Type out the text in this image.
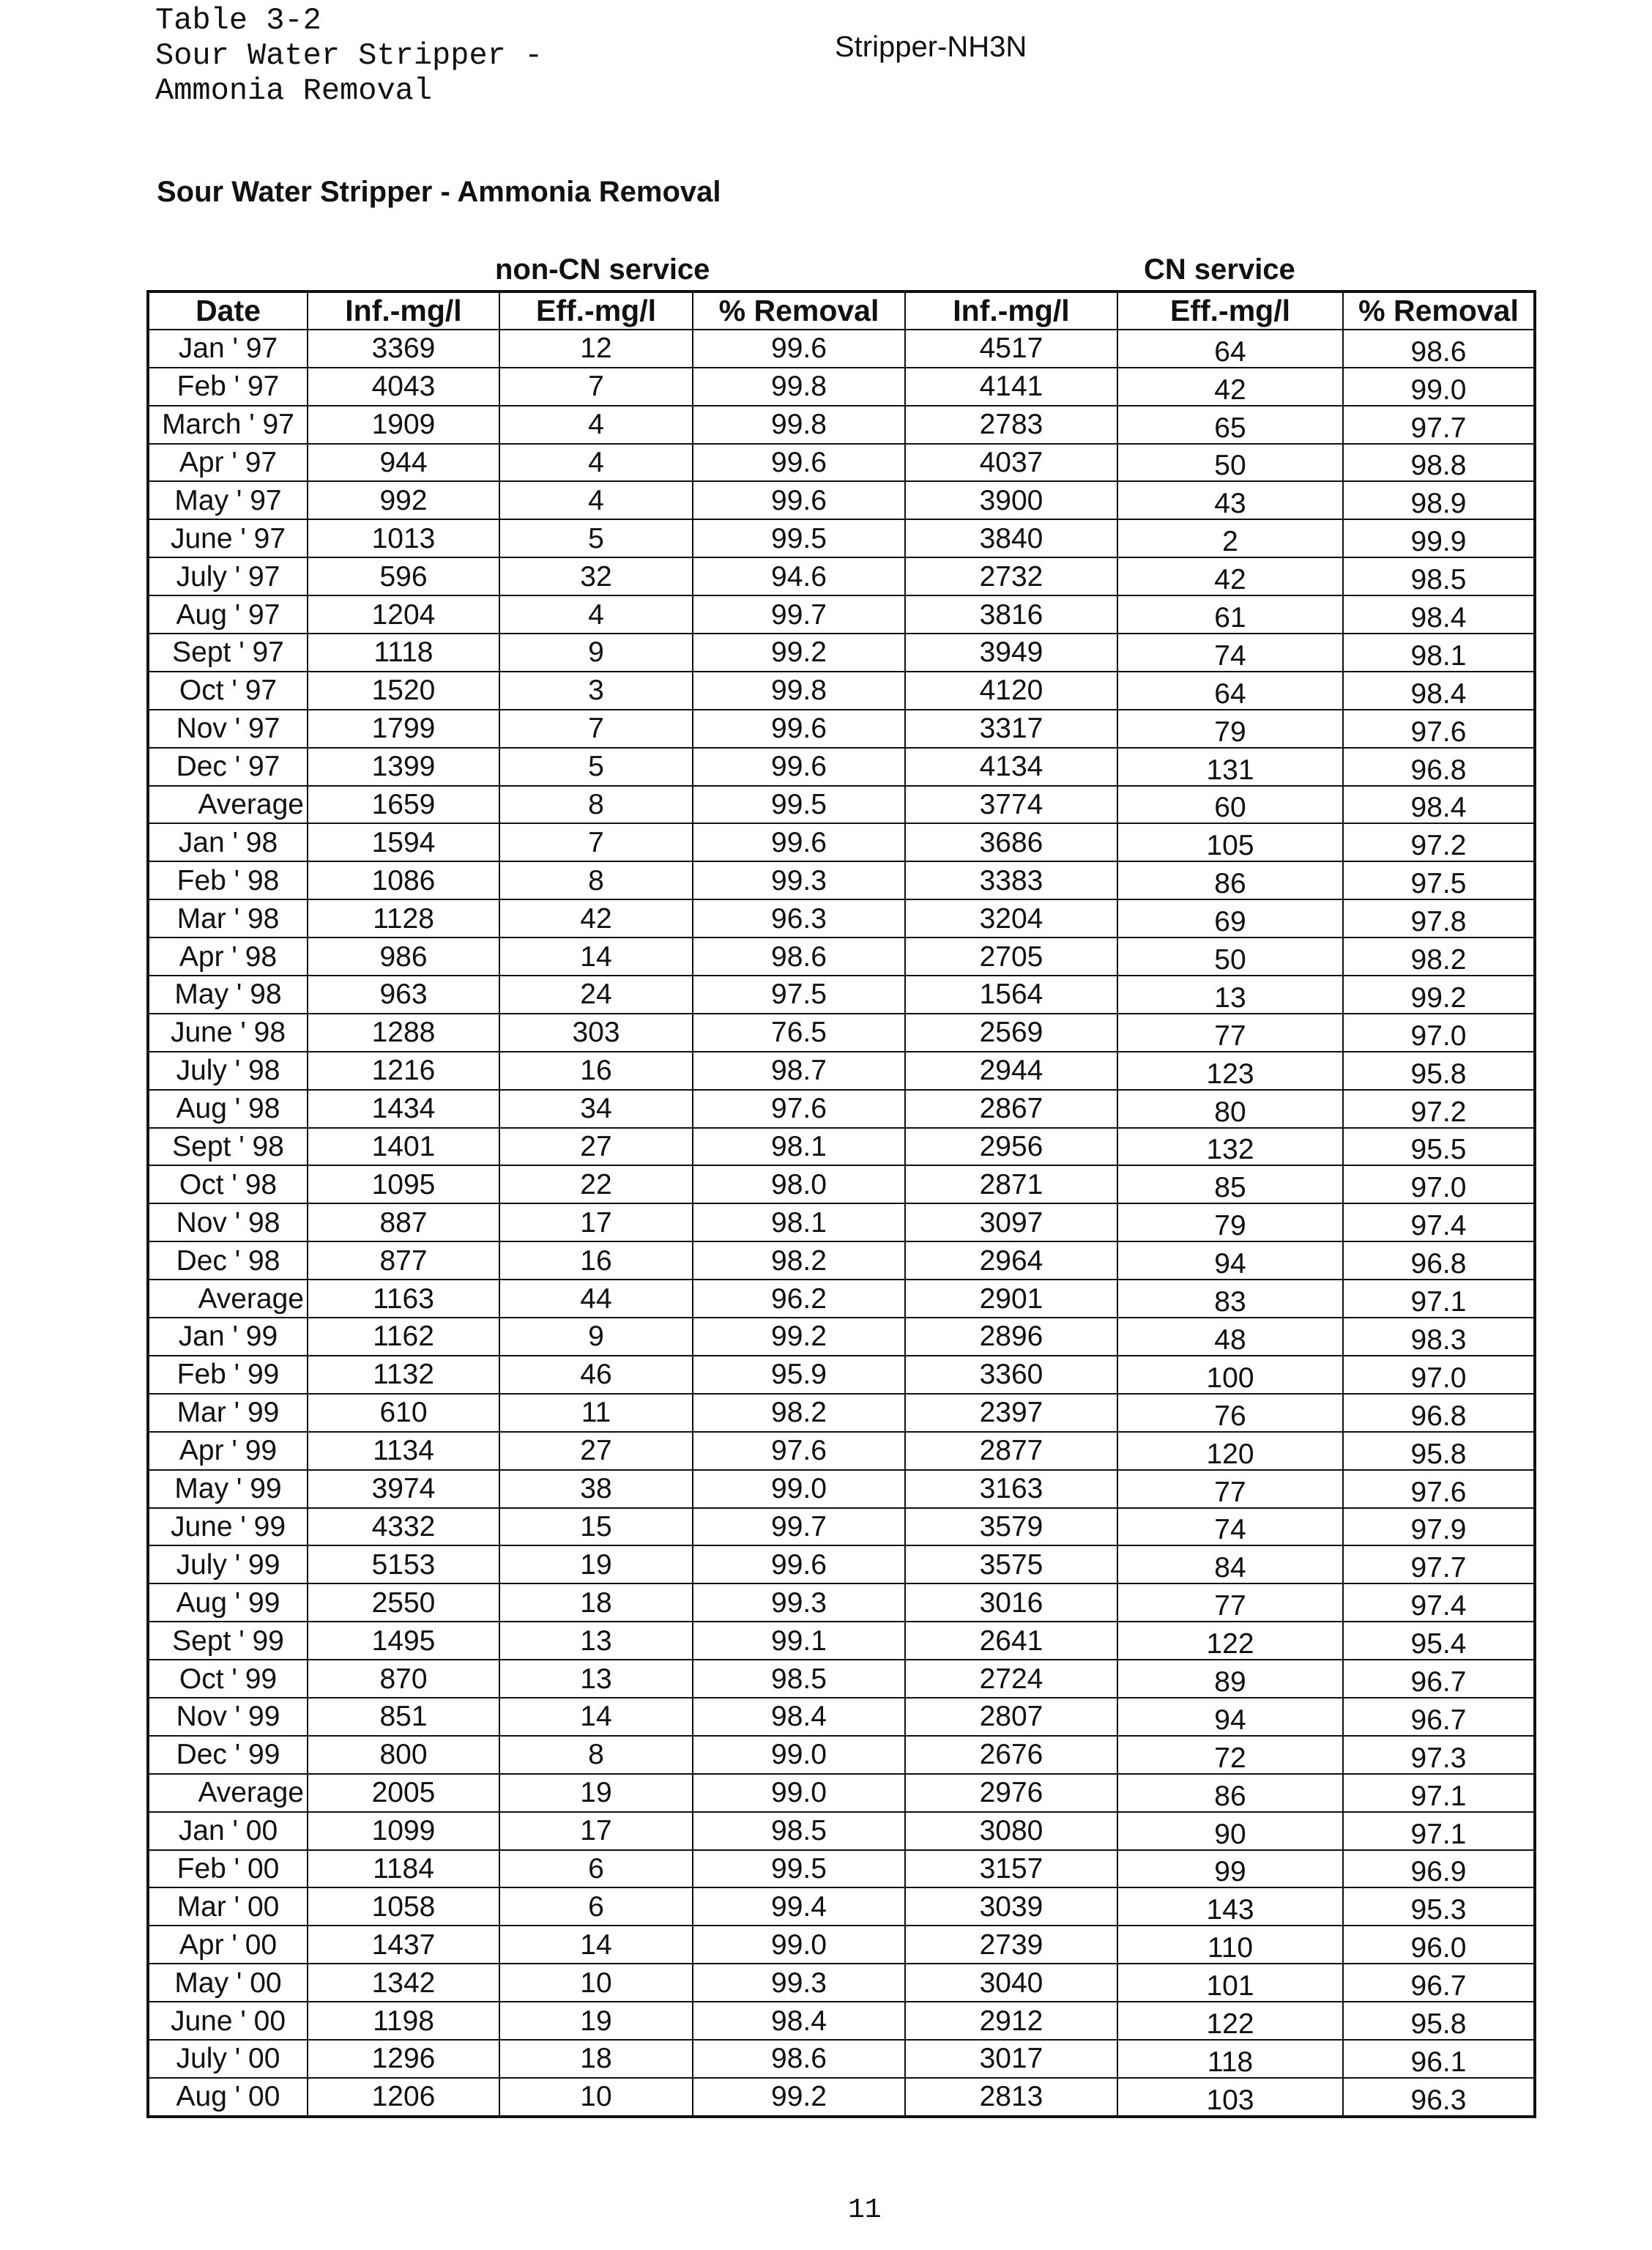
Table 3-2
Sour Water Stripper -
Ammonia Removal
Stripper-NH3N
Sour Water Stripper - Ammonia Removal
non-CN service	CN service
Date	Inf.-mg/l	Eff.-mg/l	% Removal	Inf.-mg/l	Eff.-mg/l	% Removal
Jan ' 97	3369	12	99.6	4517	64	98.6
Feb ' 97	4043	7	99.8	4141	42	99.0
March ' 97	1909	4	99.8	2783	65	97.7
Apr ' 97	944	4	99.6	4037	50	98.8
May ' 97	992	4	99.6	3900	43	98.9
June ' 97	1013	5	99.5	3840	2	99.9
July ' 97	596	32	94.6	2732	42	98.5
Aug ' 97	1204	4	99.7	3816	61	98.4
Sept ' 97	1118	9	99.2	3949	74	98.1
Oct ' 97	1520	3	99.8	4120	64	98.4
Nov ' 97	1799	7	99.6	3317	79	97.6
Dec ' 97	1399	5	99.6	4134	131	96.8
Average	1659	8	99.5	3774	60	98.4
Jan ' 98	1594	7	99.6	3686	105	97.2
Feb ' 98	1086	8	99.3	3383	86	97.5
Mar ' 98	1128	42	96.3	3204	69	97.8
Apr ' 98	986	14	98.6	2705	50	98.2
May ' 98	963	24	97.5	1564	13	99.2
June ' 98	1288	303	76.5	2569	77	97.0
July ' 98	1216	16	98.7	2944	123	95.8
Aug ' 98	1434	34	97.6	2867	80	97.2
Sept ' 98	1401	27	98.1	2956	132	95.5
Oct ' 98	1095	22	98.0	2871	85	97.0
Nov ' 98	887	17	98.1	3097	79	97.4
Dec ' 98	877	16	98.2	2964	94	96.8
Average	1163	44	96.2	2901	83	97.1
Jan ' 99	1162	9	99.2	2896	48	98.3
Feb ' 99	1132	46	95.9	3360	100	97.0
Mar ' 99	610	11	98.2	2397	76	96.8
Apr ' 99	1134	27	97.6	2877	120	95.8
May ' 99	3974	38	99.0	3163	77	97.6
June ' 99	4332	15	99.7	3579	74	97.9
July ' 99	5153	19	99.6	3575	84	97.7
Aug ' 99	2550	18	99.3	3016	77	97.4
Sept ' 99	1495	13	99.1	2641	122	95.4
Oct ' 99	870	13	98.5	2724	89	96.7
Nov ' 99	851	14	98.4	2807	94	96.7
Dec ' 99	800	8	99.0	2676	72	97.3
Average	2005	19	99.0	2976	86	97.1
Jan ' 00	1099	17	98.5	3080	90	97.1
Feb ' 00	1184	6	99.5	3157	99	96.9
Mar ' 00	1058	6	99.4	3039	143	95.3
Apr ' 00	1437	14	99.0	2739	110	96.0
May ' 00	1342	10	99.3	3040	101	96.7
June ' 00	1198	19	98.4	2912	122	95.8
July ' 00	1296	18	98.6	3017	118	96.1
Aug ' 00	1206	10	99.2	2813	103	96.3
11
